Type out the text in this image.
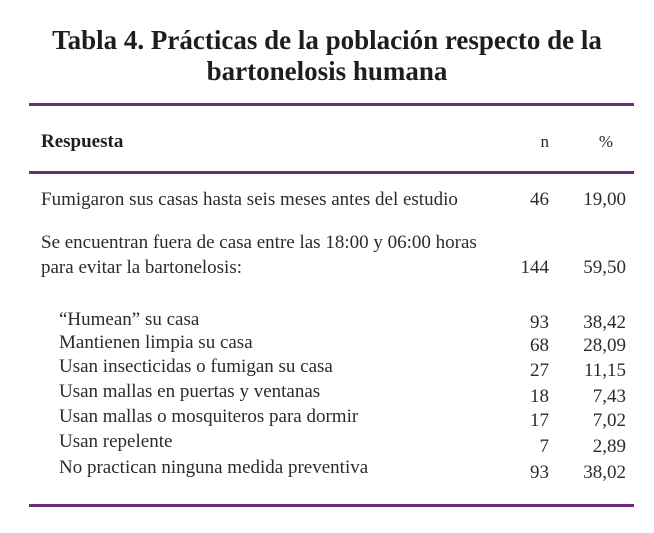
Tabla 4. Prácticas de la población respecto de la
bartonelosis humana
Respuesta	n	%
Fumigaron sus casas hasta seis meses antes del estudio	46	19,00
Se encuentran fuera de casa entre las 18:00 y 06:00 horas
para evitar la bartonelosis:	144	59,50
“Humean” su casa	93	38,42
Mantienen limpia su casa	68	28,09
Usan insecticidas o fumigan su casa	27	11,15
Usan mallas en puertas y ventanas	18	7,43
Usan mallas o mosquiteros para dormir	17	7,02
Usan repelente	7	2,89
No practican ninguna medida preventiva	93	38,02
